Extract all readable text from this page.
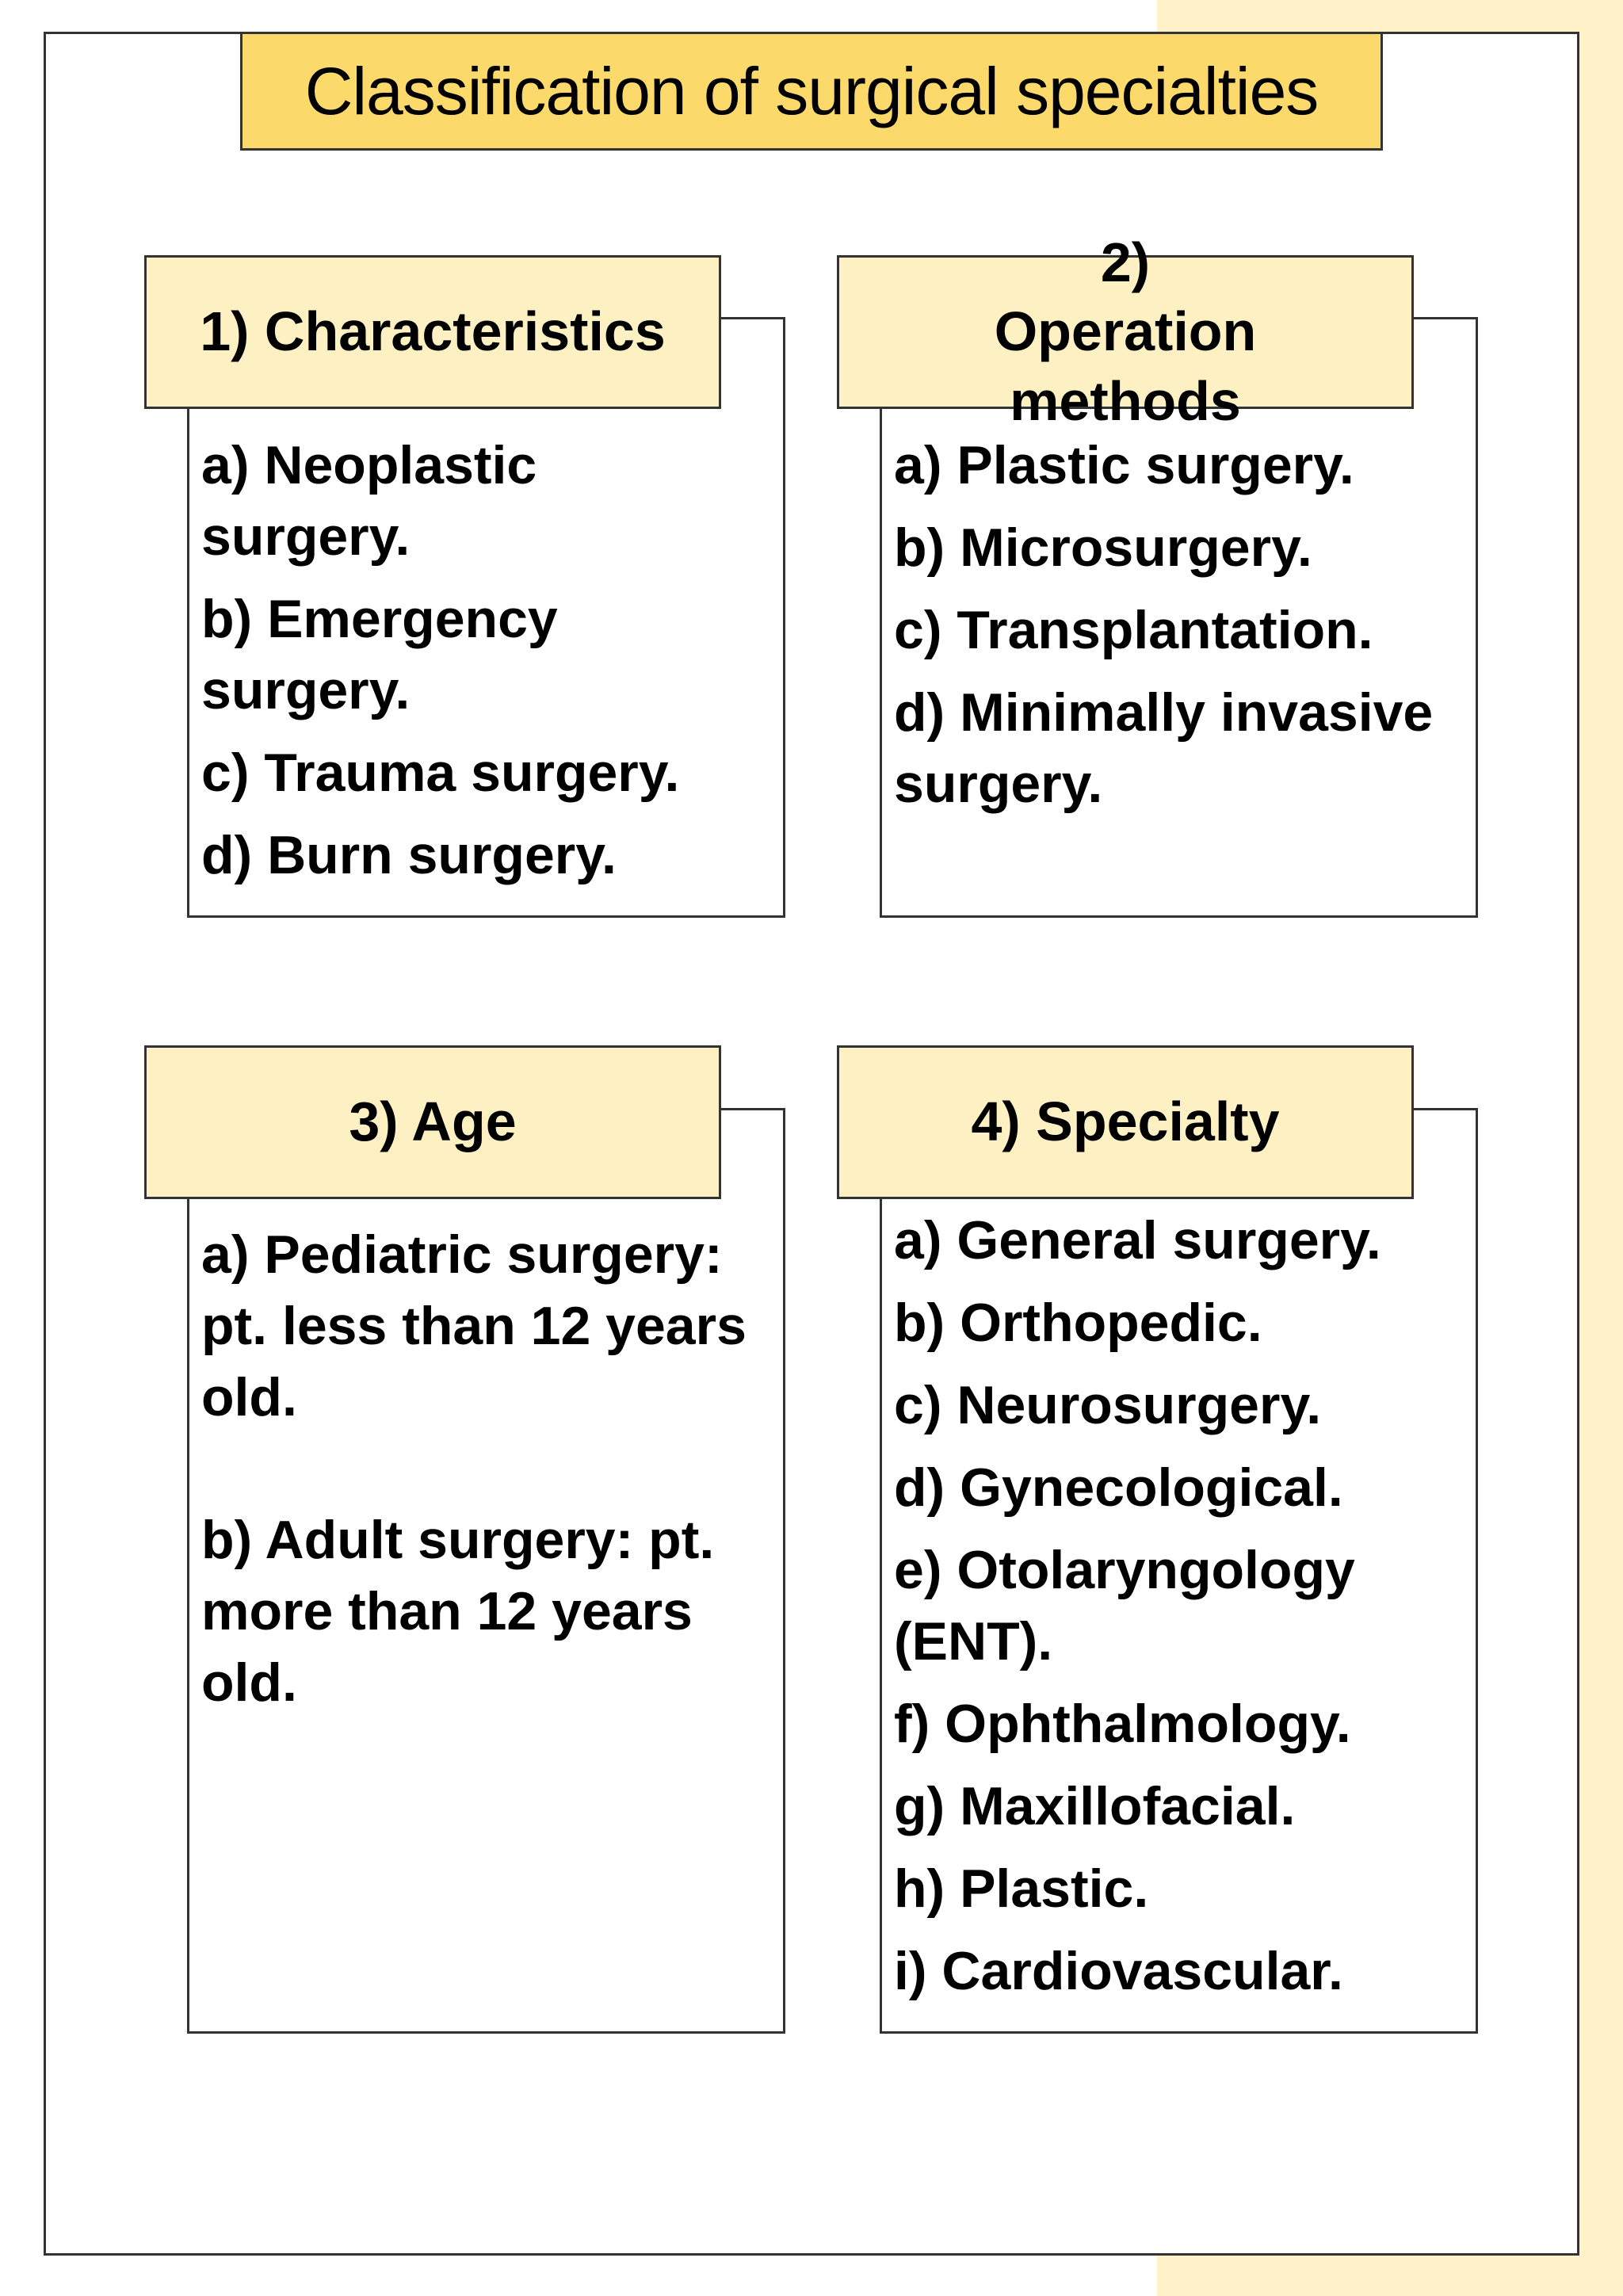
Classification of surgical specialties
1) Characteristics
a) Neoplastic surgery.
b) Emergency surgery.
c) Trauma surgery.
d) Burn surgery.
2) Operation methods
a) Plastic surgery.
b) Microsurgery.
c) Transplantation.
d) Minimally invasive surgery.
3) Age
a) Pediatric surgery: pt. less than 12 years old.
b) Adult surgery: pt. more than 12 years old.
4) Specialty
a) General surgery.
b) Orthopedic.
c) Neurosurgery.
d) Gynecological.
e) Otolaryngology (ENT).
f) Ophthalmology.
g) Maxillofacial.
h) Plastic.
i) Cardiovascular.
